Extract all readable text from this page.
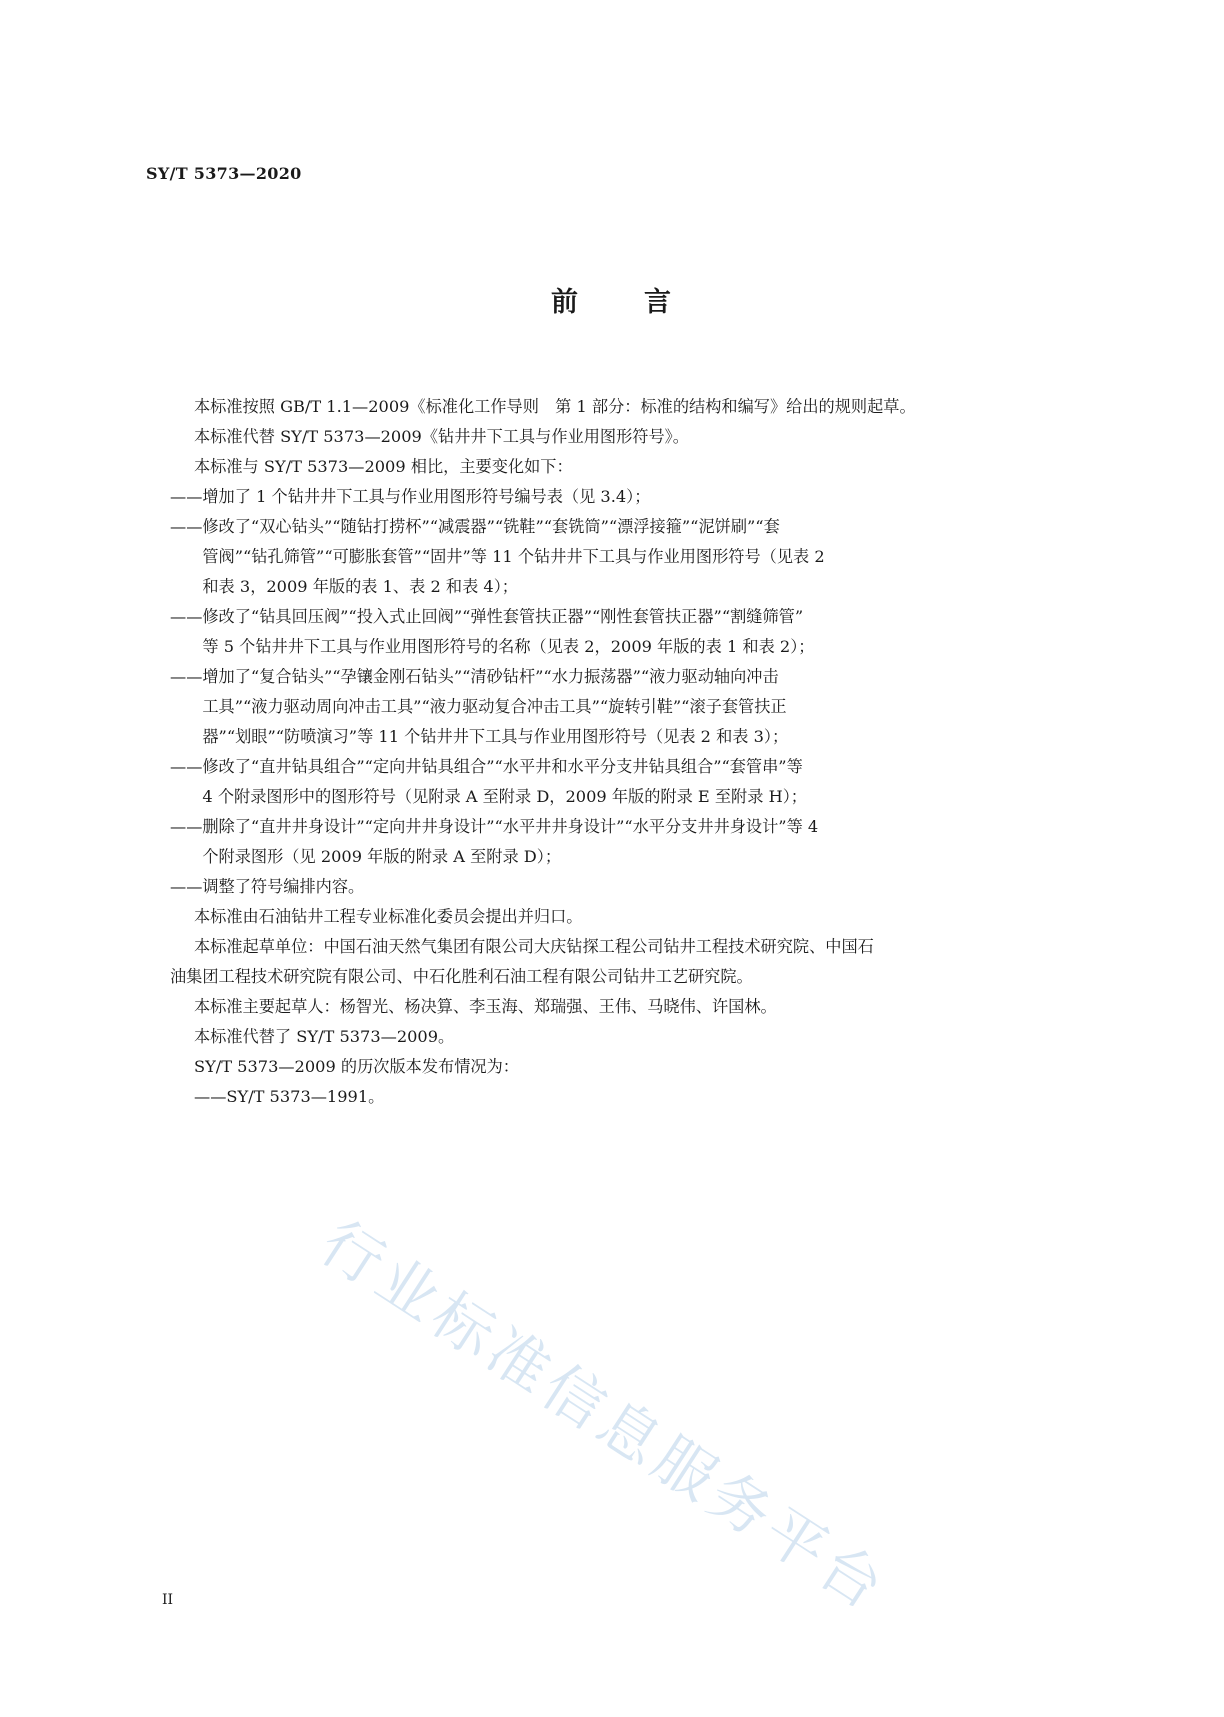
SY/T 5373—2020
前 言

本标准按照 GB/T 1.1—2009《标准化工作导则　第 1 部分：标准的结构和编写》给出的规则起草。

本标准代替 SY/T 5373—2009《钻井井下工具与作业用图形符号》。

本标准与 SY/T 5373—2009 相比，主要变化如下：

—— 增加了 1 个钻井井下工具与作业用图形符号编号表（见 3.4）；
—— 修改了“双心钻头”“随钻打捞杯”“减震器”“铣鞋”“套铣筒”“漂浮接箍”“泥饼刷”“套
管阀”“钻孔筛管”“可膨胀套管”“固井”等 11 个钻井井下工具与作业用图形符号（见表 2
和表 3，2009 年版的表 1、表 2 和表 4）；
—— 修改了“钻具回压阀”“投入式止回阀”“弹性套管扶正器”“刚性套管扶正器”“割缝筛管”
等 5 个钻井井下工具与作业用图形符号的名称（见表 2，2009 年版的表 1 和表 2）；
—— 增加了“复合钻头”“孕镶金刚石钻头”“清砂钻杆”“水力振荡器”“液力驱动轴向冲击
工具”“液力驱动周向冲击工具”“液力驱动复合冲击工具”“旋转引鞋”“滚子套管扶正
器”“划眼”“防喷演习”等 11 个钻井井下工具与作业用图形符号（见表 2 和表 3）；
—— 修改了“直井钻具组合”“定向井钻具组合”“水平井和水平分支井钻具组合”“套管串”等
4 个附录图形中的图形符号（见附录 A 至附录 D，2009 年版的附录 E 至附录 H）；
—— 删除了“直井井身设计”“定向井井身设计”“水平井井身设计”“水平分支井井身设计”等 4
个附录图形（见 2009 年版的附录 A 至附录 D）；
—— 调整了符号编排内容。

本标准由石油钻井工程专业标准化委员会提出并归口。

本标准起草单位：中国石油天然气集团有限公司大庆钻探工程公司钻井工程技术研究院、中国石

油集团工程技术研究院有限公司、中石化胜利石油工程有限公司钻井工艺研究院。

本标准主要起草人：杨智光、杨决算、李玉海、郑瑞强、王伟、马晓伟、许国林。

本标准代替了 SY/T 5373—2009。

SY/T 5373—2009 的历次版本发布情况为：

——SY/T 5373—1991。

行业标准信息服务平台
II
